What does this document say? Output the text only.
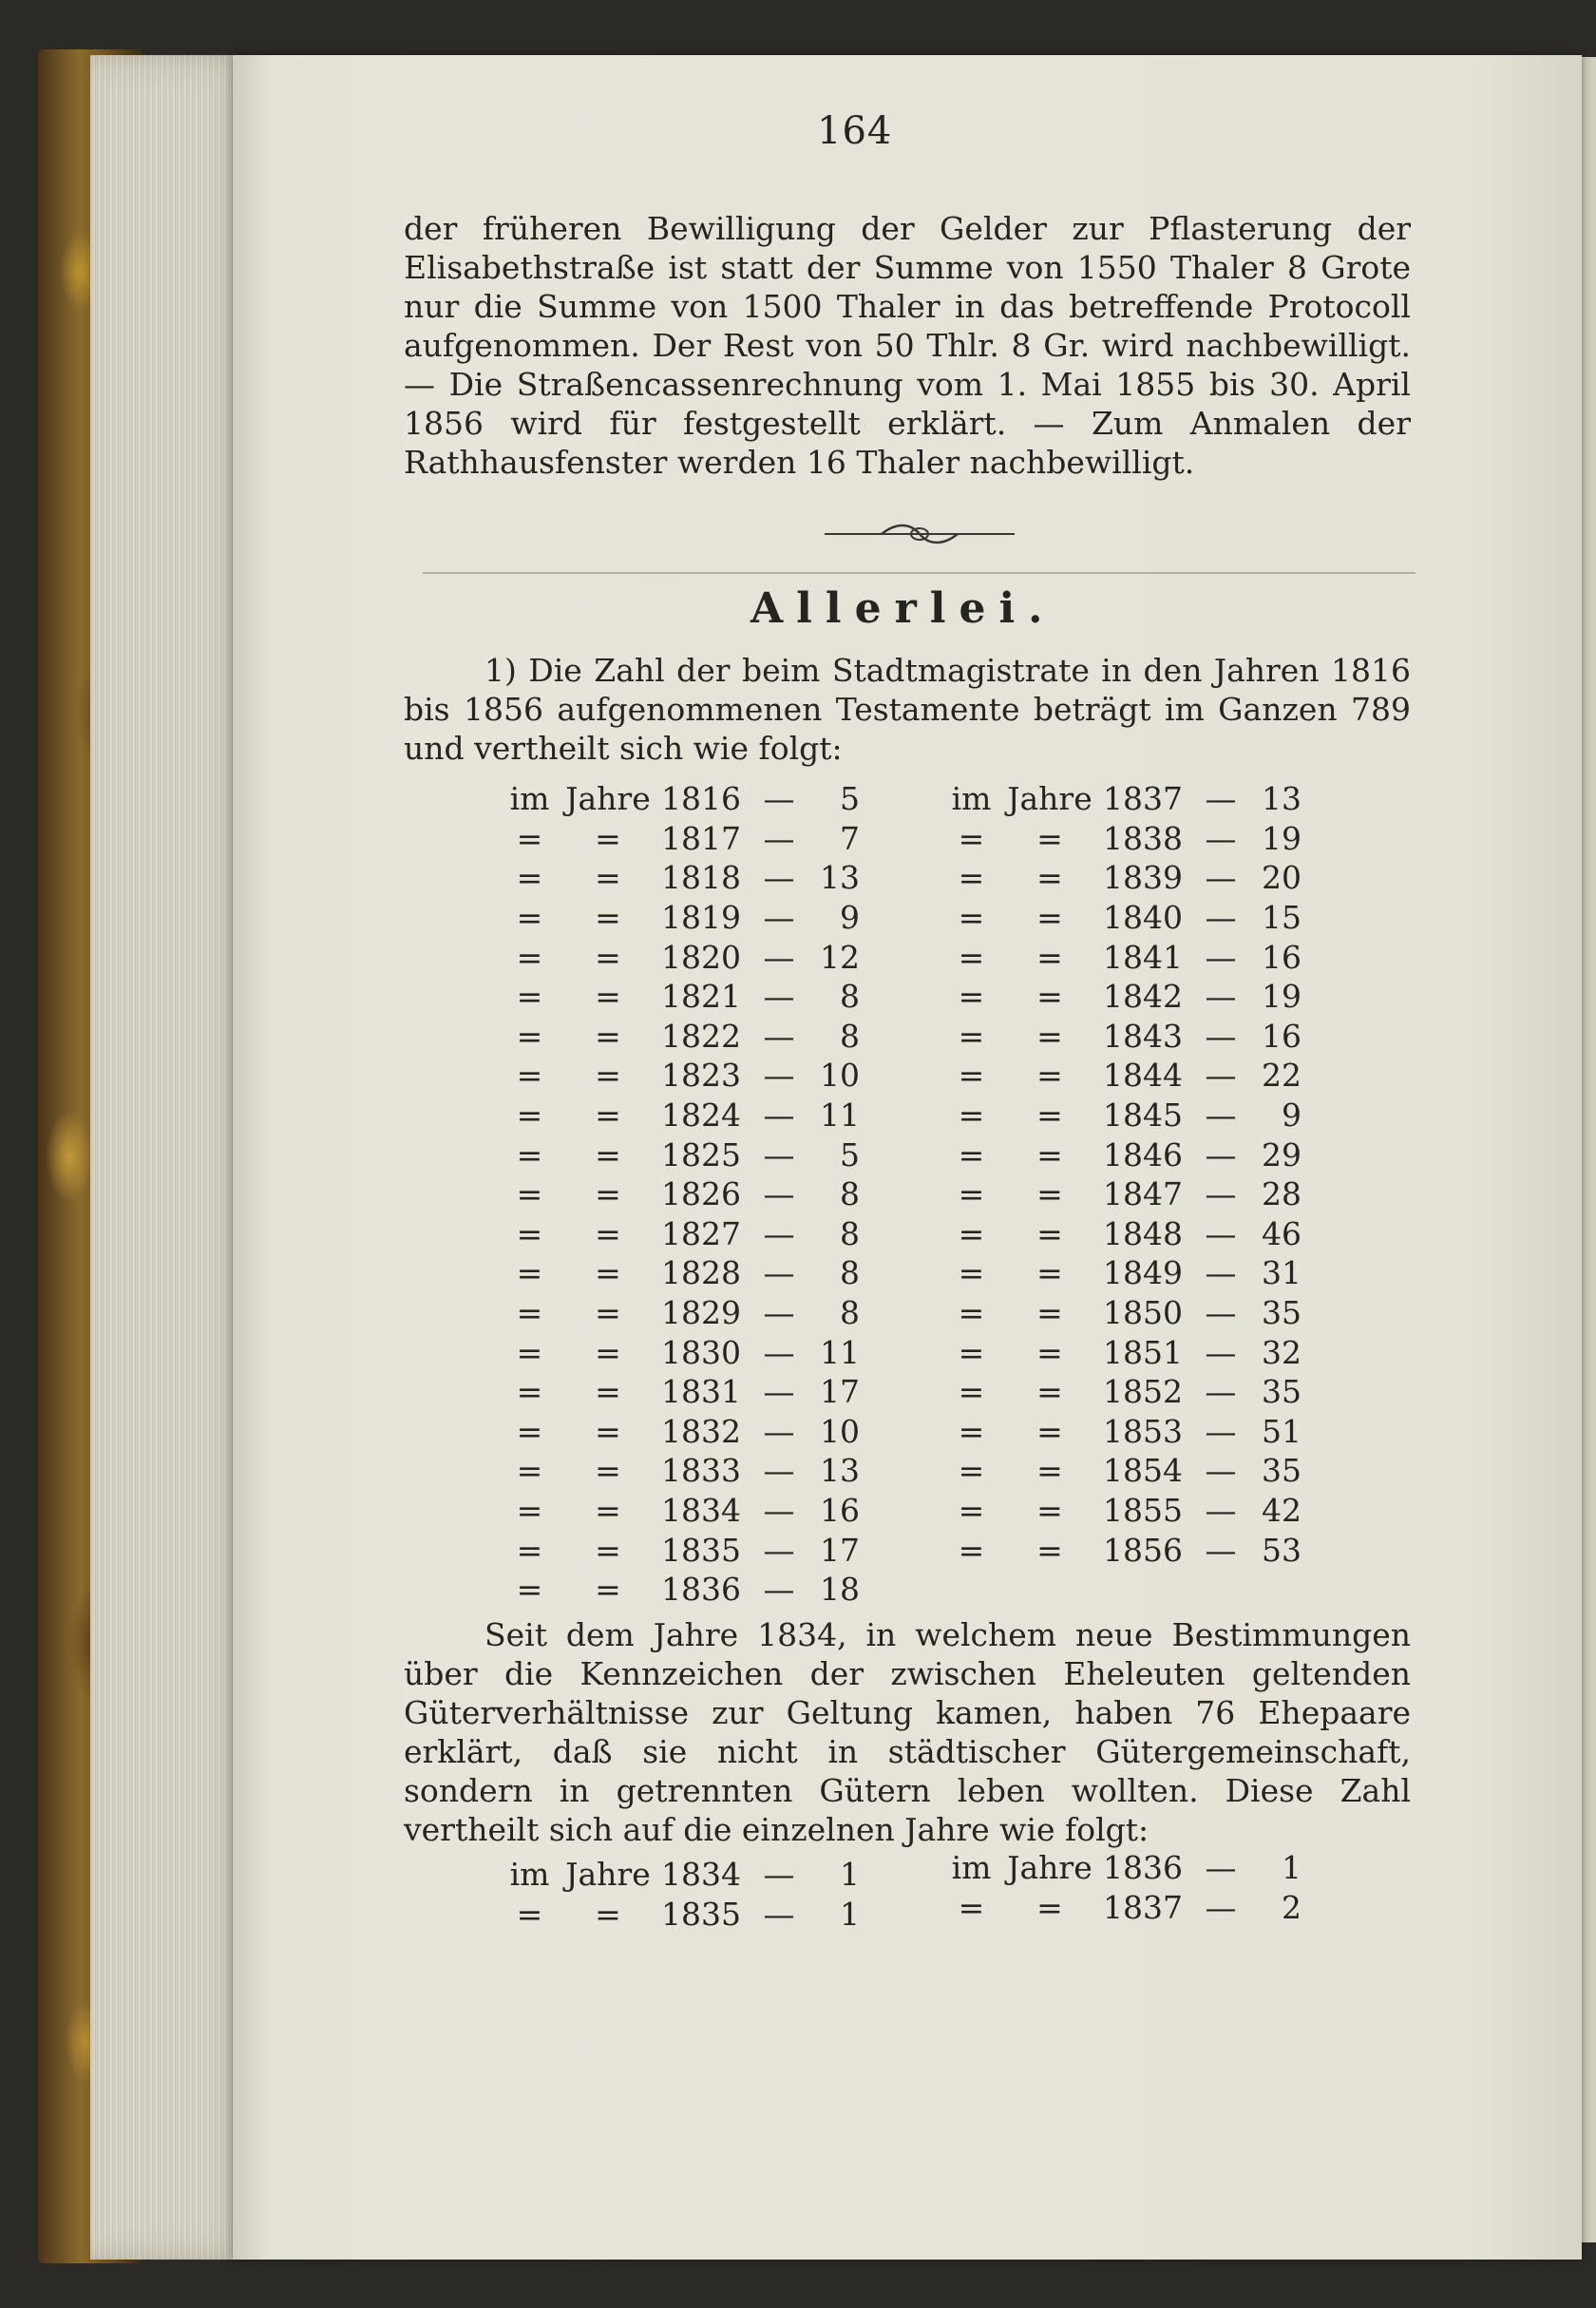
164

der früheren Bewilligung der Gelder zur Pflasterung der Elisabethstraße ist statt der Summe von 1550 Thaler 8 Grote nur die Summe von 1500 Thaler in das betreffende Protocoll aufgenommen. Der Rest von 50 Thlr. 8 Gr. wird nachbewilligt. — Die Straßencassenrechnung vom 1. Mai 1855 bis 30. April 1856 wird für festgestellt erklärt. — Zum Anmalen der Rathhausfenster werden 16 Thaler nachbewilligt.

Allerlei.

1) Die Zahl der beim Stadtmagistrate in den Jahren 1816 bis 1856 aufgenommenen Testamente beträgt im Ganzen 789 und vertheilt sich wie folgt:

im	Jahre	1816	—	5
=	=	1817	—	7
=	=	1818	—	13
=	=	1819	—	9
=	=	1820	—	12
=	=	1821	—	8
=	=	1822	—	8
=	=	1823	—	10
=	=	1824	—	11
=	=	1825	—	5
=	=	1826	—	8
=	=	1827	—	8
=	=	1828	—	8
=	=	1829	—	8
=	=	1830	—	11
=	=	1831	—	17
=	=	1832	—	10
=	=	1833	—	13
=	=	1834	—	16
=	=	1835	—	17
=	=	1836	—	18
im	Jahre	1837	—	13
=	=	1838	—	19
=	=	1839	—	20
=	=	1840	—	15
=	=	1841	—	16
=	=	1842	—	19
=	=	1843	—	16
=	=	1844	—	22
=	=	1845	—	9
=	=	1846	—	29
=	=	1847	—	28
=	=	1848	—	46
=	=	1849	—	31
=	=	1850	—	35
=	=	1851	—	32
=	=	1852	—	35
=	=	1853	—	51
=	=	1854	—	35
=	=	1855	—	42
=	=	1856	—	53

Seit dem Jahre 1834, in welchem neue Bestimmungen über die Kennzeichen der zwischen Eheleuten geltenden Güterverhältnisse zur Geltung kamen, haben 76 Ehepaare erklärt, daß sie nicht in städtischer Gütergemeinschaft, sondern in getrennten Gütern leben wollten. Diese Zahl vertheilt sich auf die einzelnen Jahre wie folgt:

im	Jahre	1834	—	1
=	=	1835	—	1
im	Jahre	1836	—	1
=	=	1837	—	2
